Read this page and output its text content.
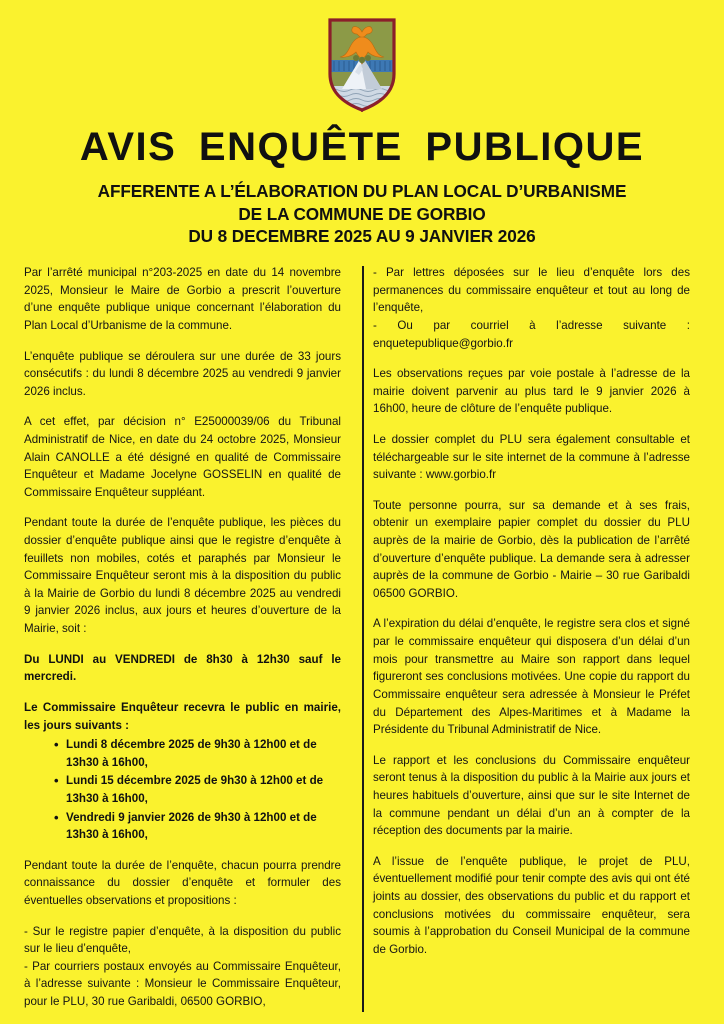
AVIS ENQUÊTE PUBLIQUE
AFFERENTE A L’ÉLABORATION DU PLAN LOCAL D’URBANISME
DE LA COMMUNE DE GORBIO
DU 8 DECEMBRE 2025 AU 9 JANVIER 2026

Par l’arrêté municipal n°203-2025 en date du 14 novembre 2025, Monsieur le Maire de Gorbio a prescrit l’ouverture d’une enquête publique unique concernant l’élaboration du Plan Local d’Urbanisme de la commune.

L’enquête publique se déroulera sur une durée de 33 jours consécutifs : du lundi 8 décembre 2025 au vendredi 9 janvier 2026 inclus.

A cet effet, par décision n° E25000039/06 du Tribunal Administratif de Nice, en date du 24 octobre 2025, Monsieur Alain CANOLLE a été désigné en qualité de Commissaire Enquêteur et Madame Jocelyne GOSSELIN en qualité de Commissaire Enquêteur suppléant.

Pendant toute la durée de l’enquête publique, les pièces du dossier d’enquête publique ainsi que le registre d’enquête à feuillets non mobiles, cotés et paraphés par Monsieur le Commissaire Enquêteur seront mis à la disposition du public à la Mairie de Gorbio du lundi 8 décembre 2025 au vendredi 9 janvier 2026 inclus, aux jours et heures d’ouverture de la Mairie, soit :

Du LUNDI au VENDREDI de 8h30 à 12h30 sauf le mercredi.

Le Commissaire Enquêteur recevra le public en mairie, les jours suivants :

• Lundi 8 décembre 2025 de 9h30 à 12h00 et de 13h30 à 16h00,
• Lundi 15 décembre 2025 de 9h30 à 12h00 et de 13h30 à 16h00,
• Vendredi 9 janvier 2026 de 9h30 à 12h00 et de 13h30 à 16h00,

Pendant toute la durée de l’enquête, chacun pourra prendre connaissance du dossier d’enquête et formuler des éventuelles observations et propositions :

- Sur le registre papier d’enquête, à la disposition du public sur le lieu d’enquête,

- Par courriers postaux envoyés au Commissaire Enquêteur, à l’adresse suivante : Monsieur le Commissaire Enquêteur, pour le PLU, 30 rue Garibaldi, 06500 GORBIO,

- Par lettres déposées sur le lieu d’enquête lors des permanences du commissaire enquêteur et tout au long de l’enquête,

- Ou par courriel à l’adresse suivante : enquetepublique@gorbio.fr

Les observations reçues par voie postale à l’adresse de la mairie doivent parvenir au plus tard le 9 janvier 2026 à 16h00, heure de clôture de l’enquête publique.

Le dossier complet du PLU sera également consultable et téléchargeable sur le site internet de la commune à l’adresse suivante : www.gorbio.fr

Toute personne pourra, sur sa demande et à ses frais, obtenir un exemplaire papier complet du dossier du PLU auprès de la mairie de Gorbio, dès la publication de l’arrêté d’ouverture d’enquête publique. La demande sera à adresser auprès de la commune de Gorbio - Mairie – 30 rue Garibaldi 06500 GORBIO.

A l’expiration du délai d’enquête, le registre sera clos et signé par le commissaire enquêteur qui disposera d’un délai d’un mois pour transmettre au Maire son rapport dans lequel figureront ses conclusions motivées. Une copie du rapport du Commissaire enquêteur sera adressée à Monsieur le Préfet du Département des Alpes-Maritimes et à Madame la Présidente du Tribunal Administratif de Nice.

Le rapport et les conclusions du Commissaire enquêteur seront tenus à la disposition du public à la Mairie aux jours et heures habituels d’ouverture, ainsi que sur le site Internet de la commune pendant un délai d’un an à compter de la réception des documents par la mairie.

A l’issue de l’enquête publique, le projet de PLU, éventuellement modifié pour tenir compte des avis qui ont été joints au dossier, des observations du public et du rapport et conclusions motivées du commissaire enquêteur, sera soumis à l’approbation du Conseil Municipal de la commune de Gorbio.
